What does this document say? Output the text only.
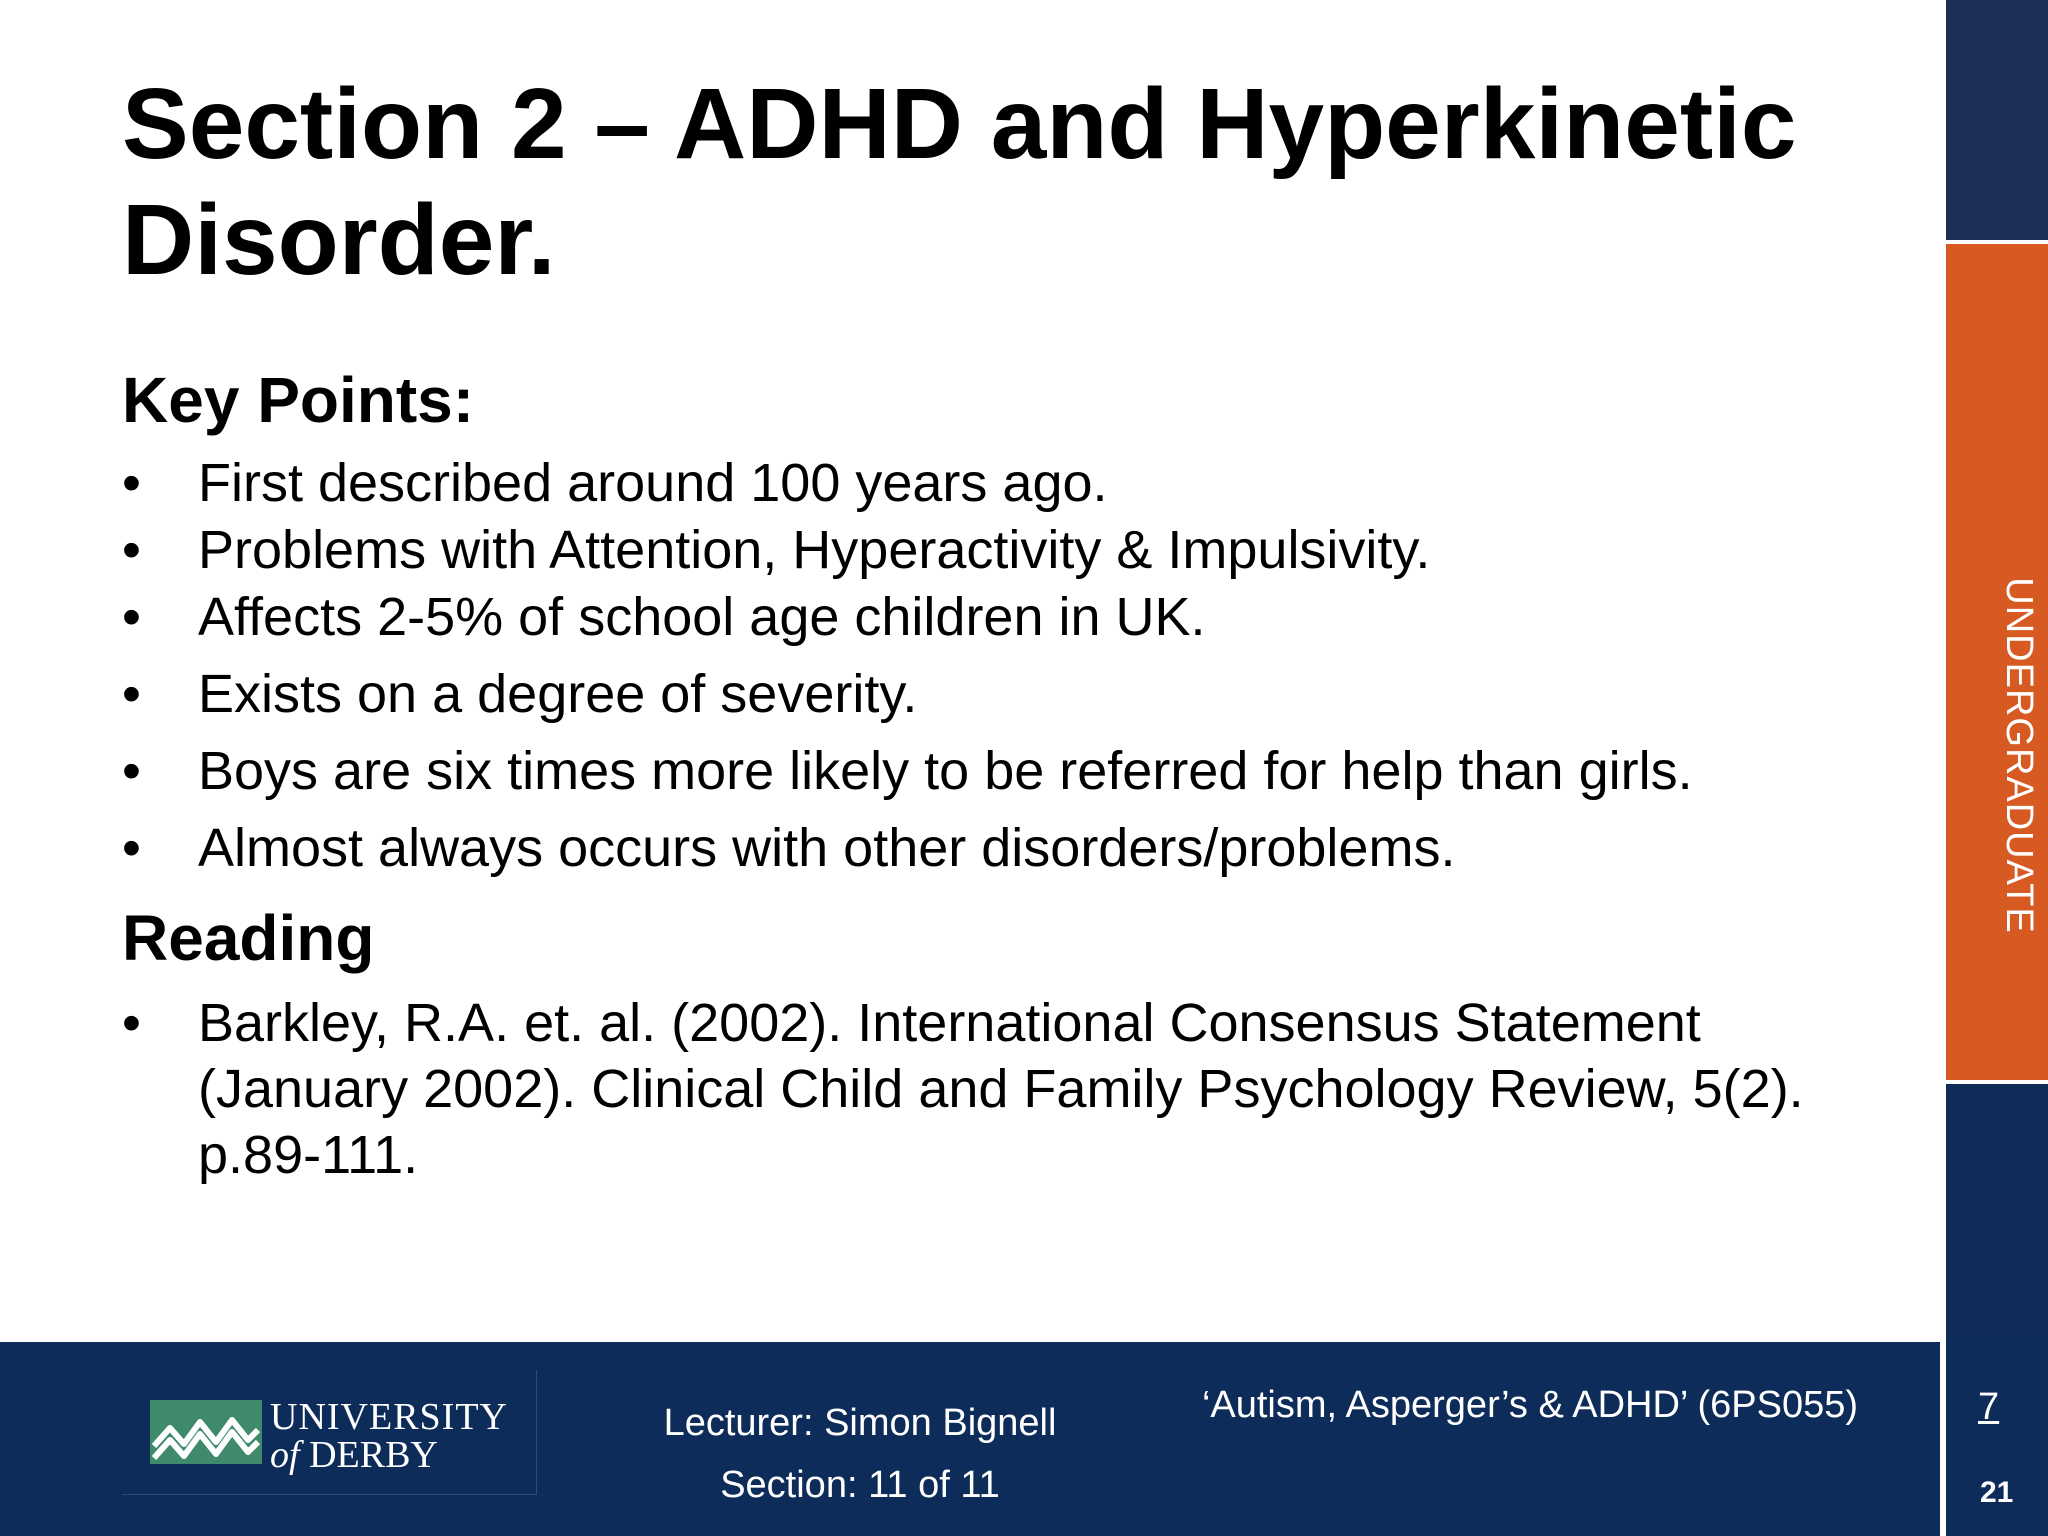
Section 2 – ADHD and Hyperkinetic Disorder.
Key Points:
• First described around 100 years ago.
• Problems with Attention, Hyperactivity & Impulsivity.
• Affects 2-5% of school age children in UK.
• Exists on a degree of severity.
• Boys are six times more likely to be referred for help than girls.
• Almost always occurs with other disorders/problems.
Reading
• Barkley, R.A. et. al. (2002). International Consensus Statement (January 2002). Clinical Child and Family Psychology Review, 5(2). p.89-111.
UNDERGRADUATE
UNIVERSITY
of DERBY
Lecturer: Simon Bignell
Section: 11 of 11
‘Autism, Asperger’s & ADHD’ (6PS055)	7
21
